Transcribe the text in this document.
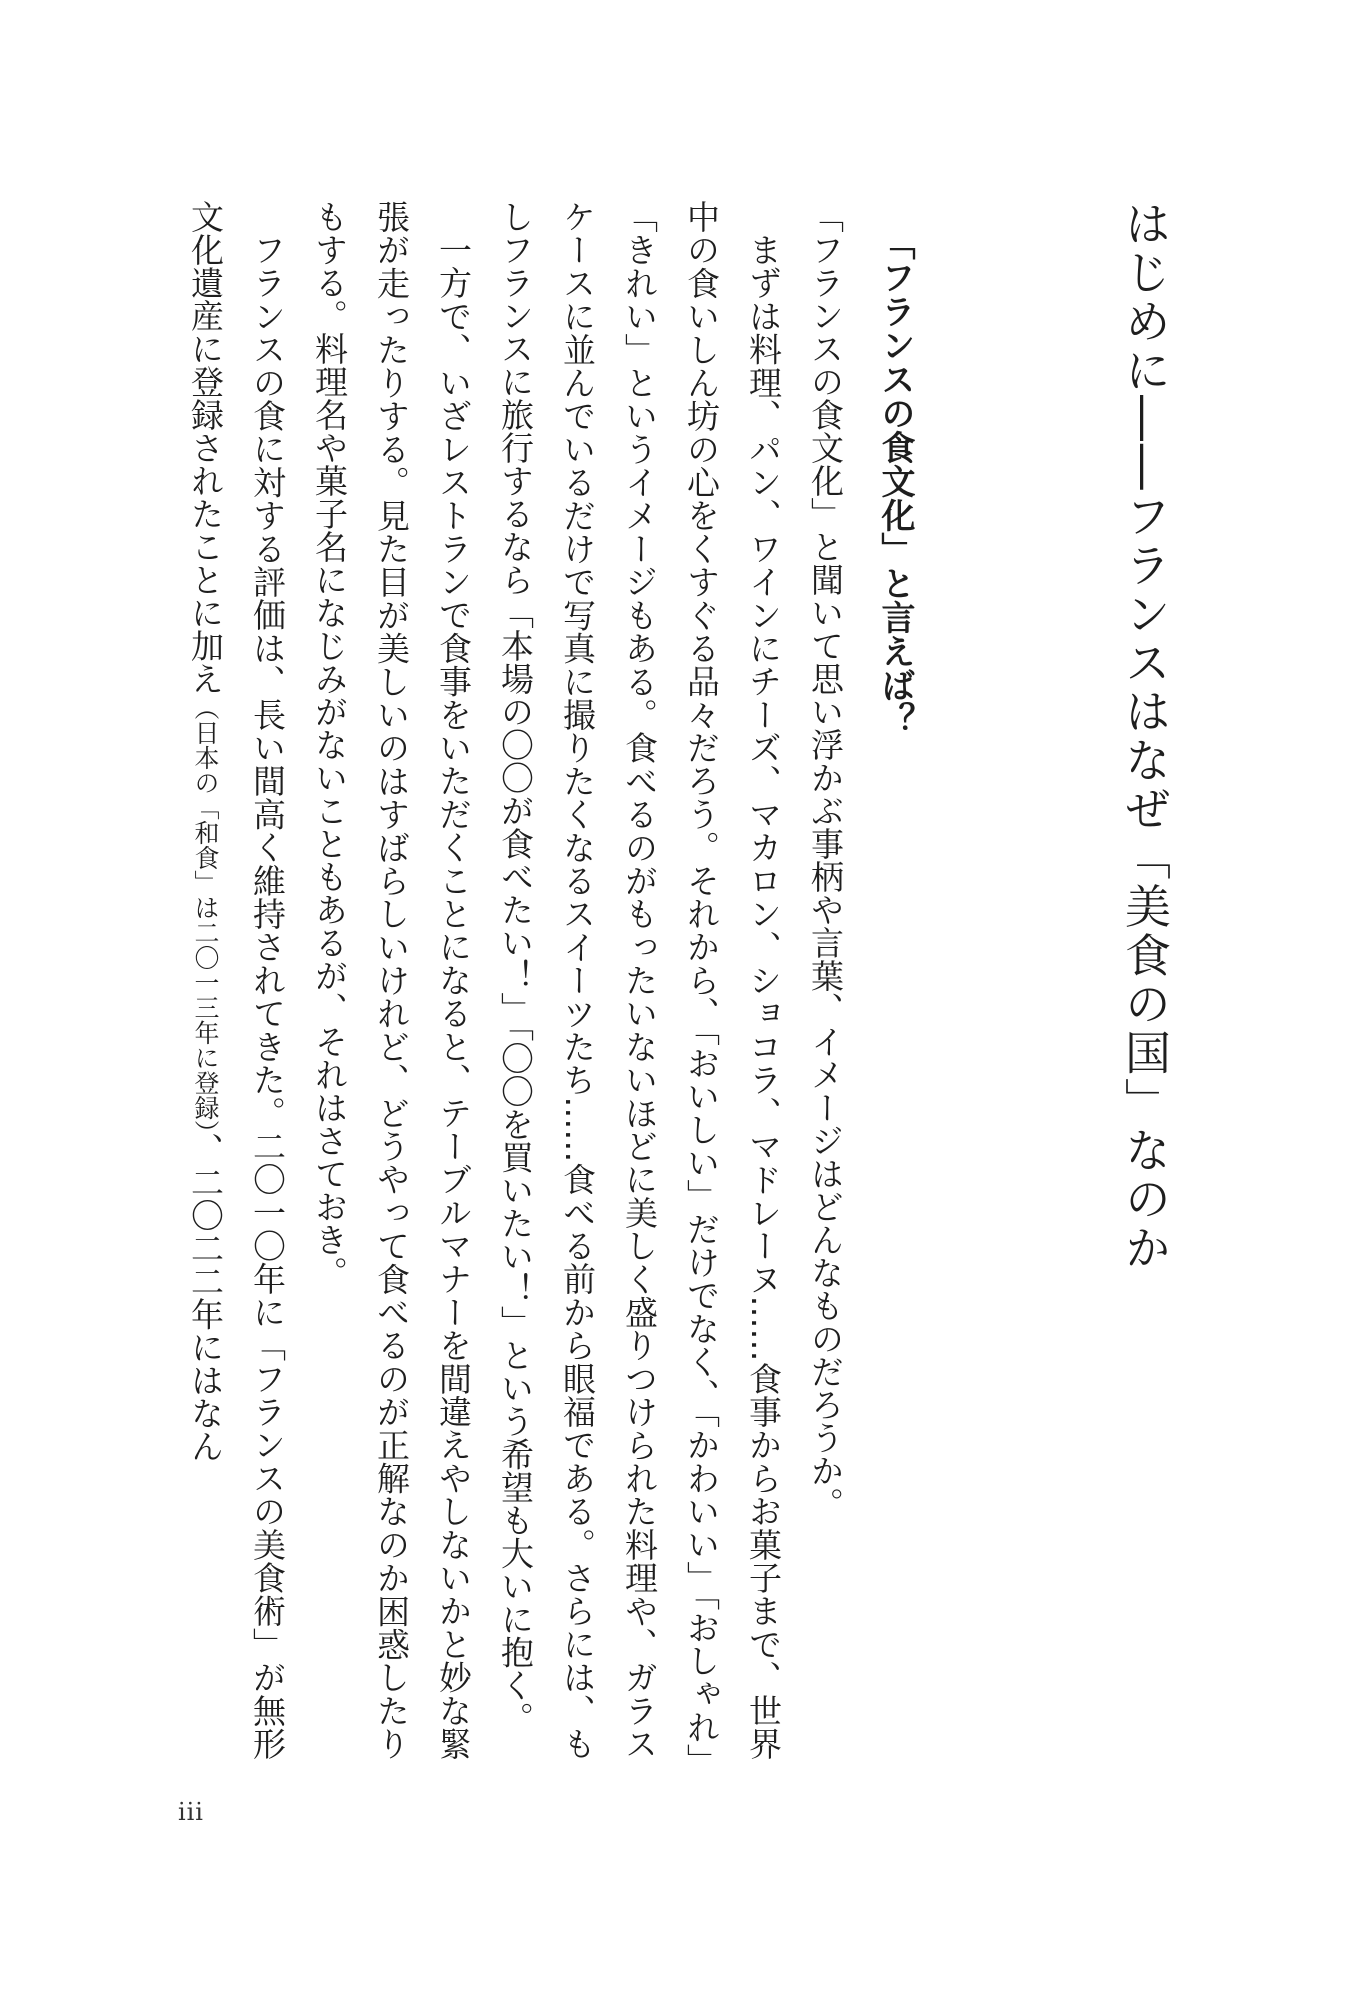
はじめに――フランスはなぜ「美食の国」なのか
「フランスの食文化」と言えば？

「フランスの食文化」と聞いて思い浮かぶ事柄や言葉、イメージはどんなものだろうか。

まずは料理、パン、ワインにチーズ、マカロン、ショコラ、マドレーヌ……食事からお菓子まで、世界中の食いしん坊の心をくすぐる品々だろう。それから、「おいしい」だけでなく、「かわいい」「おしゃれ」「きれい」というイメージもある。食べるのがもったいないほどに美しく盛りつけられた料理や、ガラスケースに並んでいるだけで写真に撮りたくなるスイーツたち……食べる前から眼福である。さらには、もしフランスに旅行するなら「本場の〇〇が食べたい！」「〇〇を買いたい！」という希望も大いに抱く。

一方で、いざレストランで食事をいただくことになると、テーブルマナーを間違えやしないかと妙な緊張が走ったりする。見た目が美しいのはすばらしいけれど、どうやって食べるのが正解なのか困惑したりもする。料理名や菓子名になじみがないこともあるが、それはさておき。

フランスの食に対する評価は、長い間高く維持されてきた。二〇一〇年に「フランスの美食術」が無形文化遺産に登録されたことに加え（日本の「和食」は二〇一三年に登録）、二〇二二年にはなん

iii
